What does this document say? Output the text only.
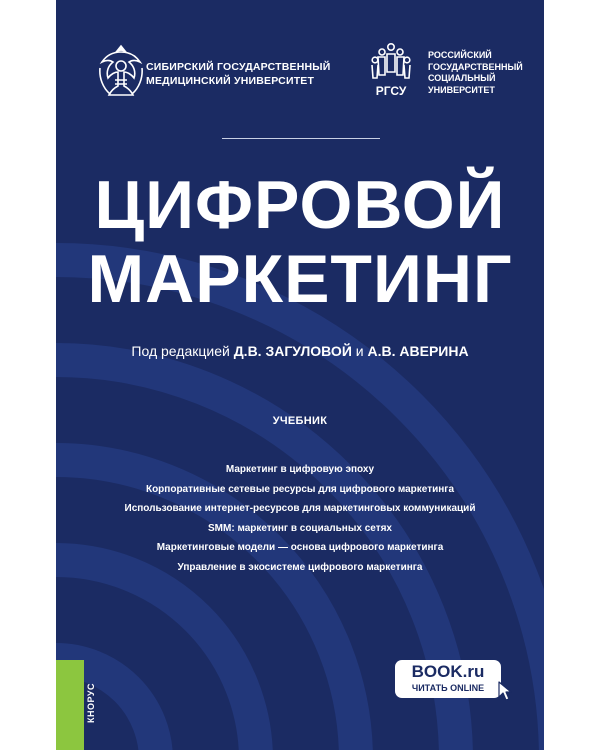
КНОРУС
СИБИРСКИЙ ГОСУДАРСТВЕННЫЙ
МЕДИЦИНСКИЙ УНИВЕРСИТЕТ
РГСУ
РОССИЙСКИЙ
ГОСУДАРСТВЕННЫЙ
СОЦИАЛЬНЫЙ
УНИВЕРСИТЕТ
ЦИФРОВОЙ
МАРКЕТИНГ
Под редакцией Д.В. ЗАГУЛОВОЙ и А.В. АВЕРИНА
УЧЕБНИК
Маркетинг в цифровую эпоху
Корпоративные сетевые ресурсы для цифрового маркетинга
Использование интернет-ресурсов для маркетинговых коммуникаций
SMM: маркетинг в социальных сетях
Маркетинговые модели — основа цифрового маркетинга
Управление в экосистеме цифрового маркетинга
BOOK.ru
ЧИТАТЬ ONLINE
